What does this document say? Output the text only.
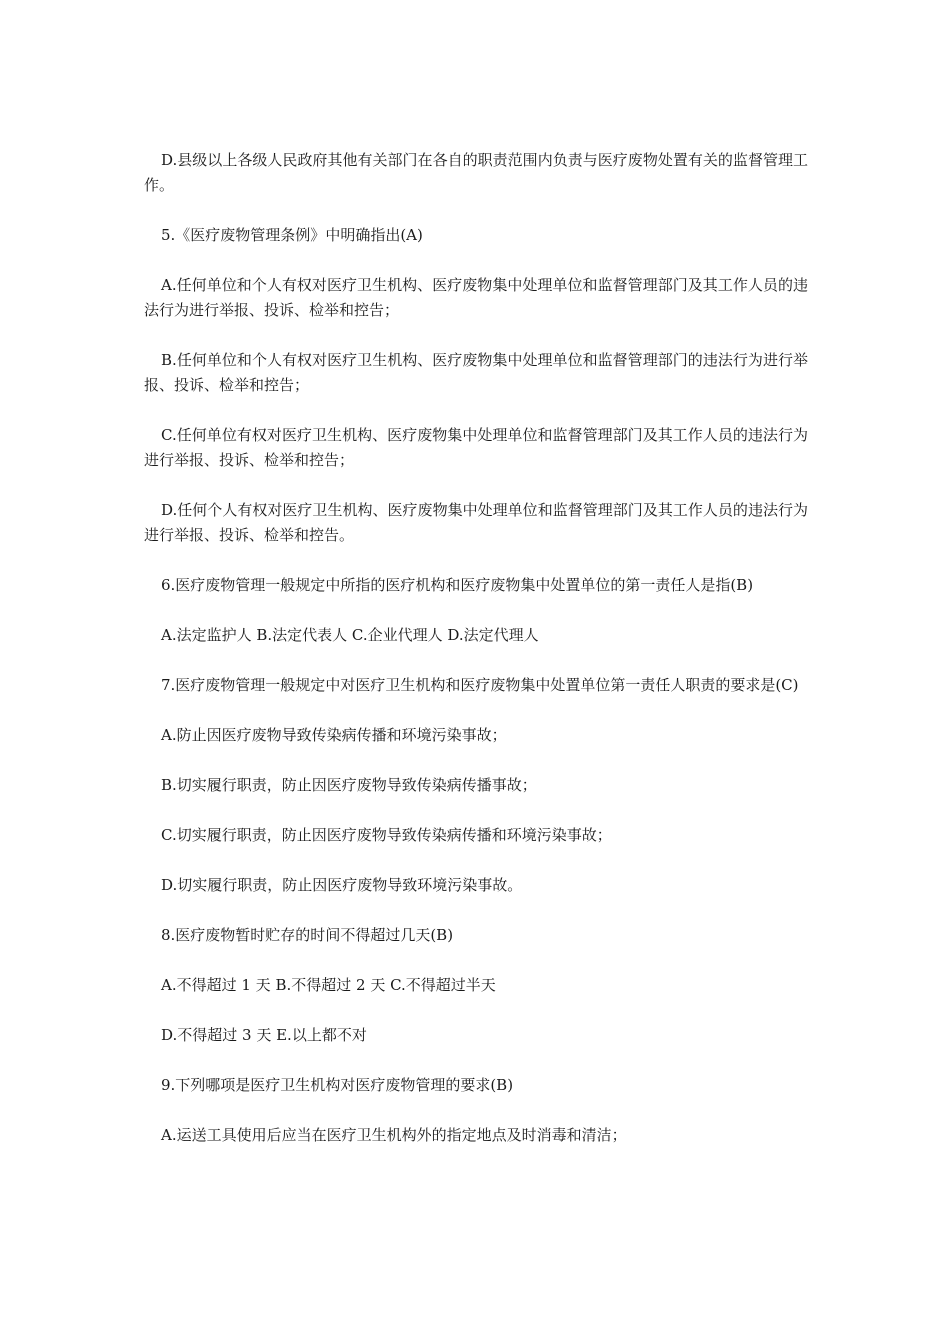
D.县级以上各级人民政府其他有关部门在各自的职责范围内负责与医疗废物处置有关的监督管理工作。

5.《医疗废物管理条例》中明确指出(A)

A.任何单位和个人有权对医疗卫生机构、医疗废物集中处理单位和监督管理部门及其工作人员的违法行为进行举报、投诉、检举和控告；

B.任何单位和个人有权对医疗卫生机构、医疗废物集中处理单位和监督管理部门的违法行为进行举报、投诉、检举和控告；

C.任何单位有权对医疗卫生机构、医疗废物集中处理单位和监督管理部门及其工作人员的违法行为进行举报、投诉、检举和控告；

D.任何个人有权对医疗卫生机构、医疗废物集中处理单位和监督管理部门及其工作人员的违法行为进行举报、投诉、检举和控告。

6.医疗废物管理一般规定中所指的医疗机构和医疗废物集中处置单位的第一责任人是指(B)

A.法定监护人 B.法定代表人 C.企业代理人 D.法定代理人

7.医疗废物管理一般规定中对医疗卫生机构和医疗废物集中处置单位第一责任人职责的要求是(C)

A.防止因医疗废物导致传染病传播和环境污染事故；

B.切实履行职责，防止因医疗废物导致传染病传播事故；

C.切实履行职责，防止因医疗废物导致传染病传播和环境污染事故；

D.切实履行职责，防止因医疗废物导致环境污染事故。

8.医疗废物暂时贮存的时间不得超过几天(B)

A.不得超过 1 天 B.不得超过 2 天 C.不得超过半天

D.不得超过 3 天 E.以上都不对

9.下列哪项是医疗卫生机构对医疗废物管理的要求(B)

A.运送工具使用后应当在医疗卫生机构外的指定地点及时消毒和清洁；
